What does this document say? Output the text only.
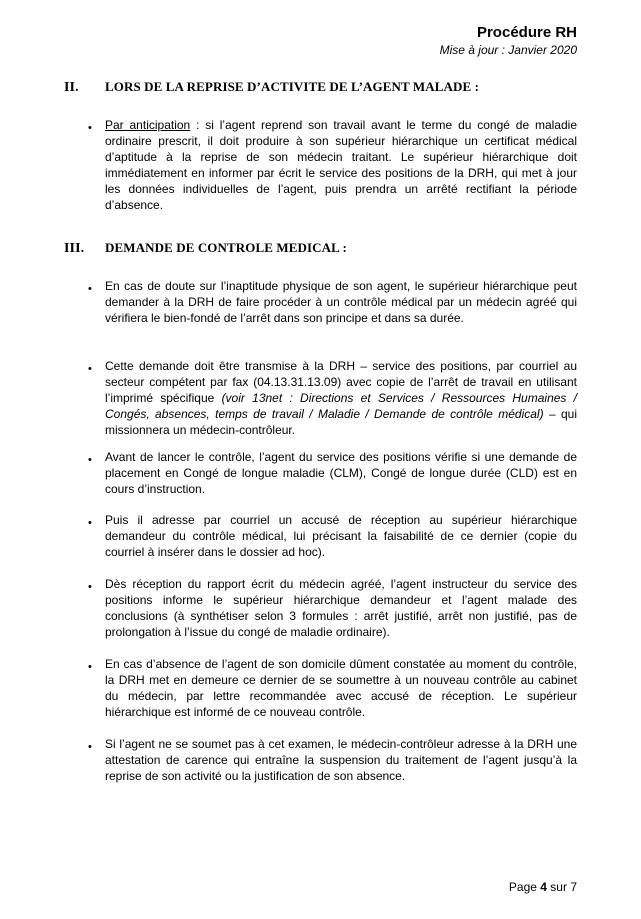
Procédure RH
Mise à jour : Janvier 2020
II. LORS DE LA REPRISE D’ACTIVITE DE L’AGENT MALADE :
• Par anticipation : si l’agent reprend son travail avant le terme du congé de maladie ordinaire prescrit, il doit produire à son supérieur hiérarchique un certificat médical d’aptitude à la reprise de son médecin traitant. Le supérieur hiérarchique doit immédiatement en informer par écrit le service des positions de la DRH, qui met à jour les données individuelles de l’agent, puis prendra un arrêté rectifiant la période d’absence.
III. DEMANDE DE CONTROLE MEDICAL :
• En cas de doute sur l’inaptitude physique de son agent, le supérieur hiérarchique peut demander à la DRH de faire procéder à un contrôle médical par un médecin agréé qui vérifiera le bien-fondé de l’arrêt dans son principe et dans sa durée.
• Cette demande doit être transmise à la DRH – service des positions, par courriel au secteur compétent par fax (04.13.31.13.09) avec copie de l’arrêt de travail en utilisant l’imprimé spécifique (voir 13net : Directions et Services / Ressources Humaines / Congés, absences, temps de travail / Maladie / Demande de contrôle médical) – qui missionnera un médecin-contrôleur.
• Avant de lancer le contrôle, l’agent du service des positions vérifie si une demande de placement en Congé de longue maladie (CLM), Congé de longue durée (CLD) est en cours d’instruction.
• Puis il adresse par courriel un accusé de réception au supérieur hiérarchique demandeur du contrôle médical, lui précisant la faisabilité de ce dernier (copie du courriel à insérer dans le dossier ad hoc).
• Dès réception du rapport écrit du médecin agréé, l’agent instructeur du service des positions informe le supérieur hiérarchique demandeur et l’agent malade des conclusions (à synthétiser selon 3 formules : arrêt justifié, arrêt non justifié, pas de prolongation à l’issue du congé de maladie ordinaire).
• En cas d’absence de l’agent de son domicile dûment constatée au moment du contrôle, la DRH met en demeure ce dernier de se soumettre à un nouveau contrôle au cabinet du médecin, par lettre recommandée avec accusé de réception. Le supérieur hiérarchique est informé de ce nouveau contrôle.
• Si l’agent ne se soumet pas à cet examen, le médecin-contrôleur adresse à la DRH une attestation de carence qui entraîne la suspension du traitement de l’agent jusqu’à la reprise de son activité ou la justification de son absence.
Page 4 sur 7
